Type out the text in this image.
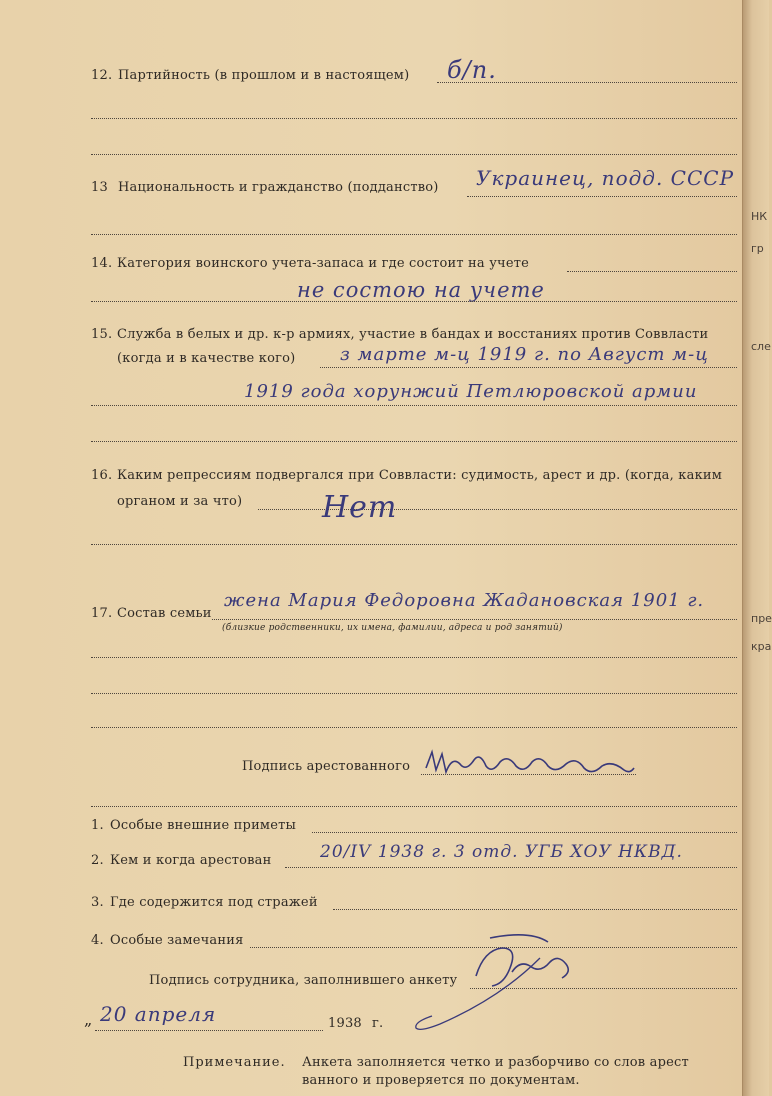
12. Партийность (в прошлом и в настоящем) б/п.
13 Национальность и гражданство (подданство) Украинец, подд. СССР
14. Категория воинского учета-запаса и где состоит на учете
не состою на учете
15. Служба в белых и др. к-р армиях, участие в бандах и восстаниях против Соввласти
(когда и в качестве кого) з марте м-ц 1919 г. по Август м-ц
1919 года хорунжий Петлюровской армии
16. Каким репрессиям подвергался при Соввласти: судимость, арест и др. (когда, каким
органом и за что)	Нет
17. Состав семьи
жена Мария Федоровна Жадановская 1901 г.
(близкие родственники, их имена, фамилии, адреса и род занятий)
Подпись арестованного
1. Особые внешние приметы
2. Кем и когда арестован	20/IV 1938 г. 3 отд. УГБ ХОУ НКВД.
3. Где содержится под стражей
4. Особые замечания
Подпись сотрудника, заполнившего анкету
„ 20 апреля	1938 г.
Примечание. Анкета заполняется четко и разборчиво со слов арест
ванного и проверяется по документам.
НК
гр
сле
пре
кра
